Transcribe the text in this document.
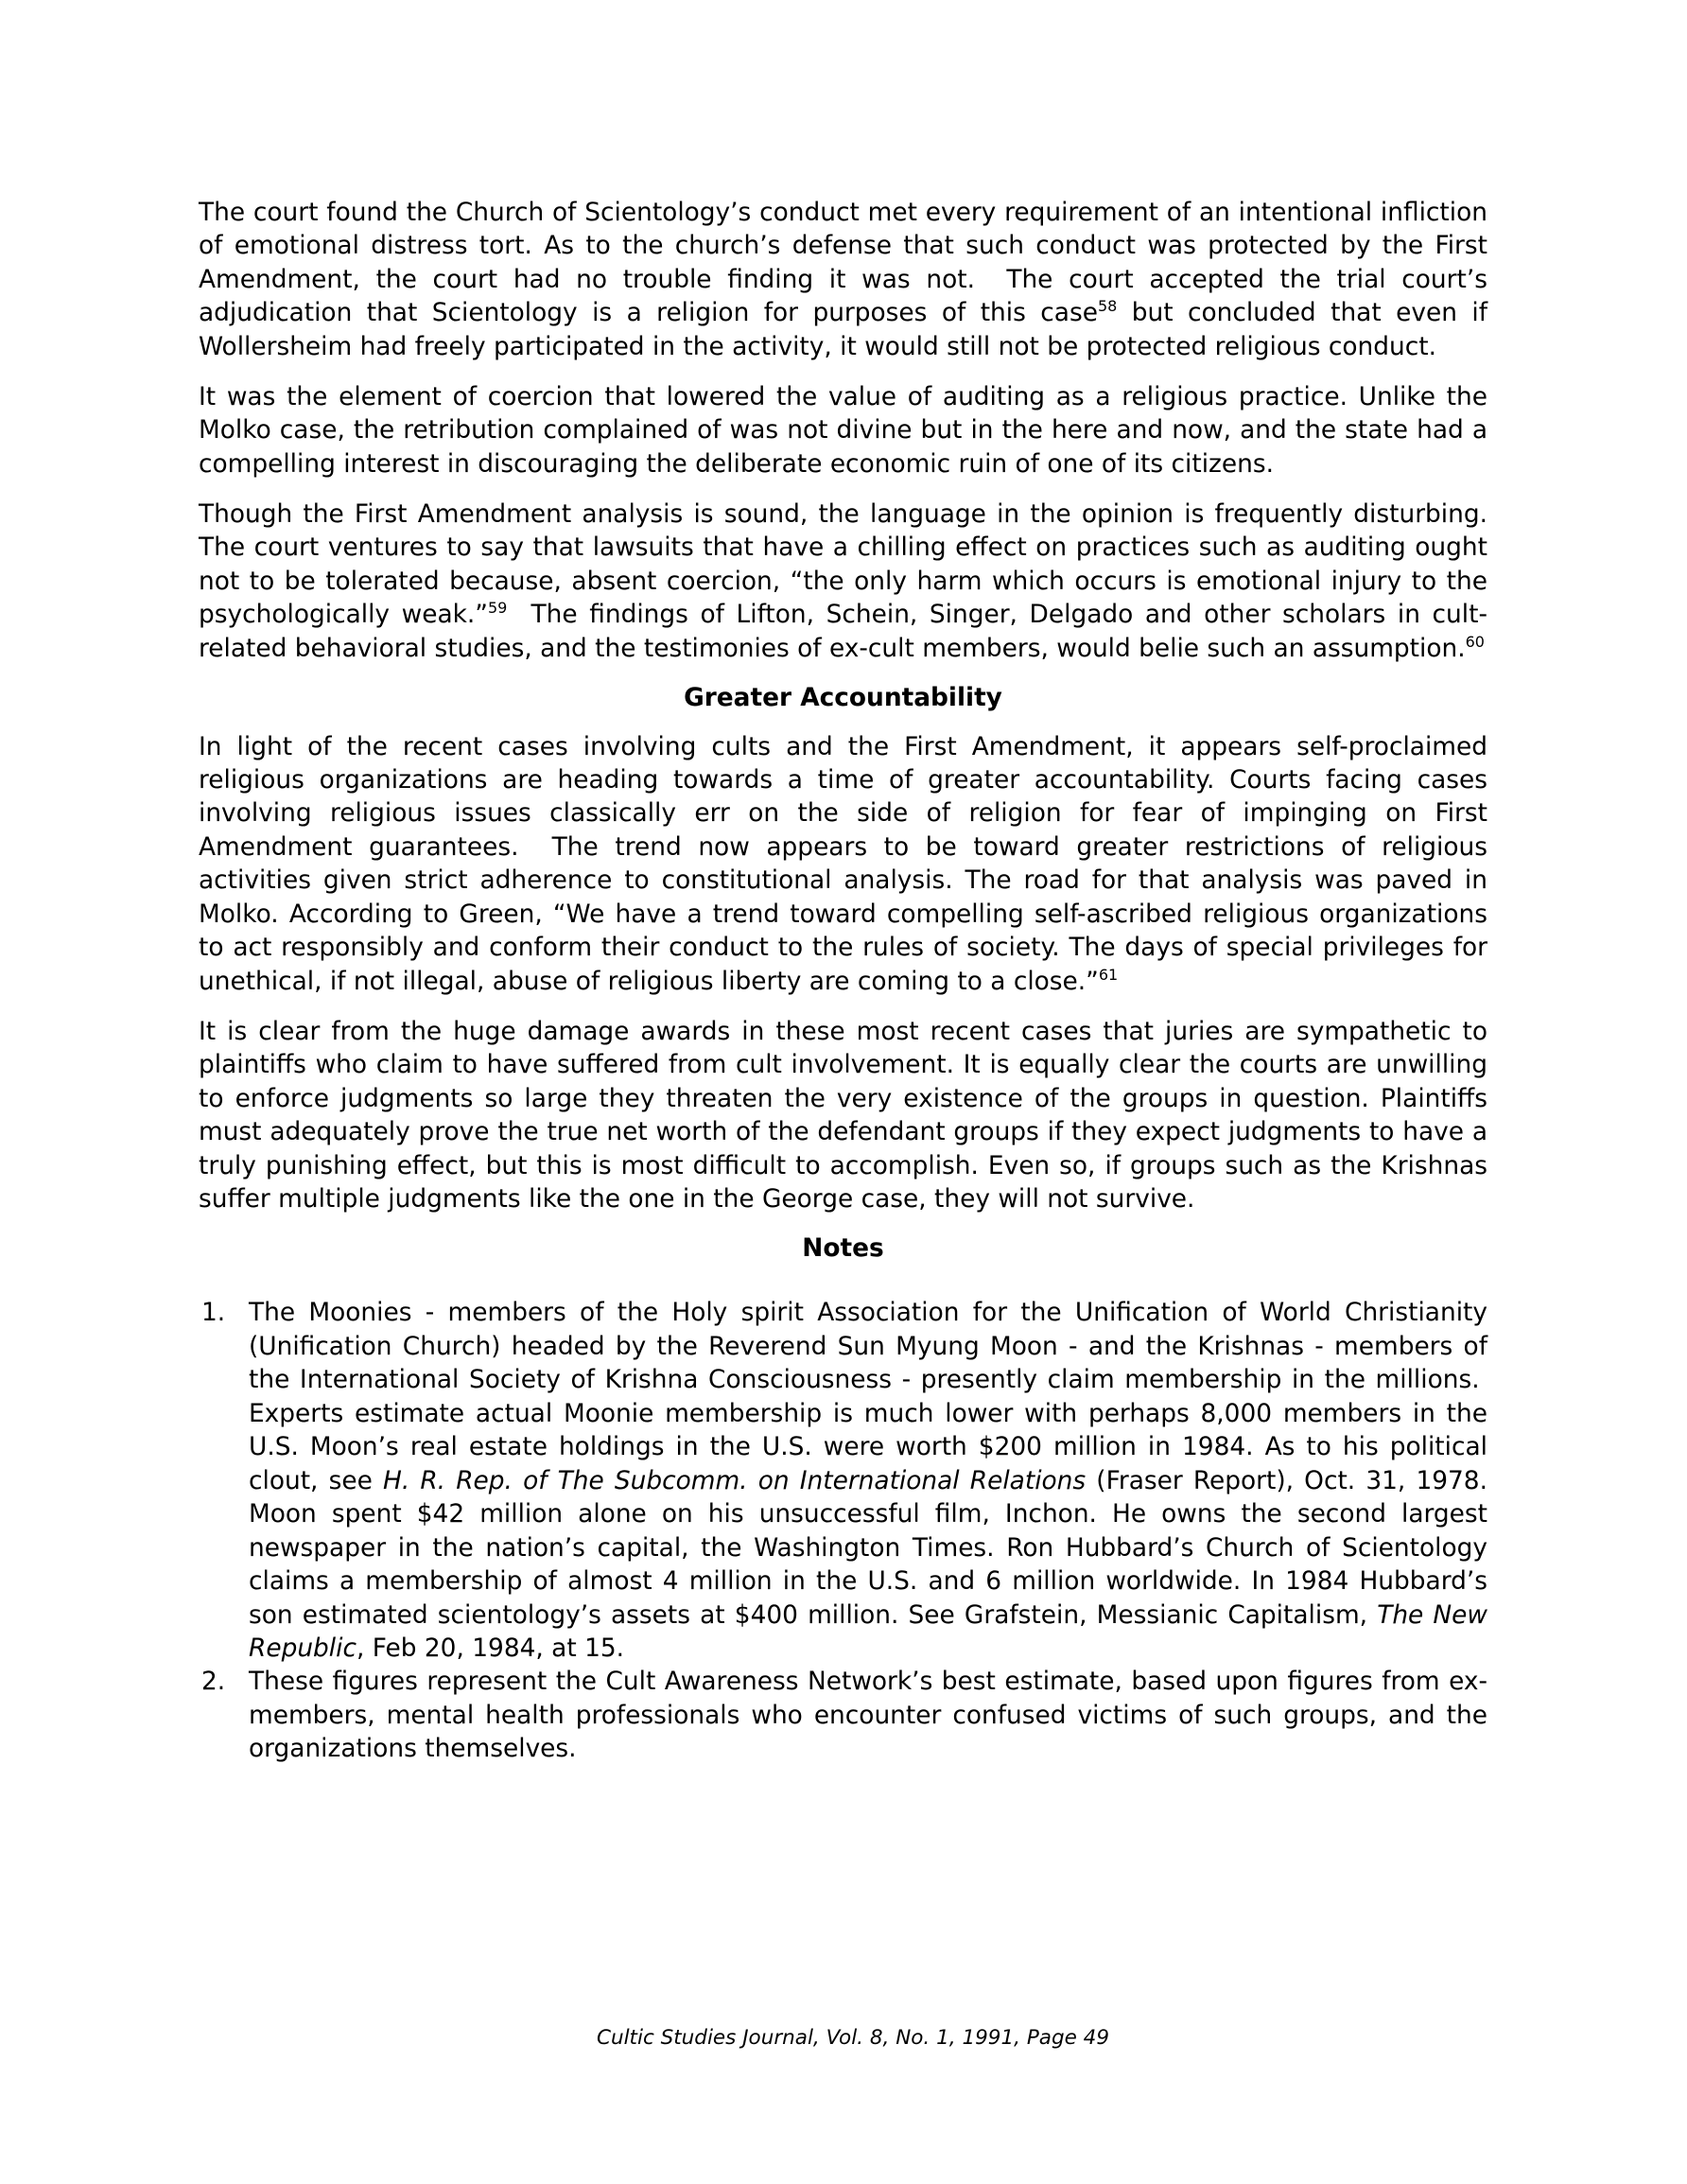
The court found the Church of Scientology’s conduct met every requirement of an intentional infliction of emotional distress tort. As to the church’s defense that such conduct was protected by the First Amendment, the court had no trouble finding it was not.  The court accepted the trial court’s adjudication that Scientology is a religion for purposes of this case$^{58}$ but concluded that even if Wollersheim had freely participated in the activity, it would still not be protected religious conduct.

It was the element of coercion that lowered the value of auditing as a religious practice. Unlike the Molko case, the retribution complained of was not divine but in the here and now, and the state had a compelling interest in discouraging the deliberate economic ruin of one of its citizens.

Though the First Amendment analysis is sound, the language in the opinion is frequently disturbing. The court ventures to say that lawsuits that have a chilling effect on practices such as auditing ought not to be tolerated because, absent coercion, “the only harm which occurs is emotional injury to the psychologically weak.”$^{59}$  The findings of Lifton, Schein, Singer, Delgado and other scholars in cult-related behavioral studies, and the testimonies of ex-cult members, would belie such an assumption.$^{60}$

Greater Accountability

In light of the recent cases involving cults and the First Amendment, it appears self-proclaimed religious organizations are heading towards a time of greater accountability. Courts facing cases involving religious issues classically err on the side of religion for fear of impinging on First Amendment guarantees.  The trend now appears to be toward greater restrictions of religious activities given strict adherence to constitutional analysis. The road for that analysis was paved in Molko. According to Green, “We have a trend toward compelling self-ascribed religious organizations to act responsibly and conform their conduct to the rules of society. The days of special privileges for unethical, if not illegal, abuse of religious liberty are coming to a close.”$^{61}$

It is clear from the huge damage awards in these most recent cases that juries are sympathetic to plaintiffs who claim to have suffered from cult involvement. It is equally clear the courts are unwilling to enforce judgments so large they threaten the very existence of the groups in question. Plaintiffs must adequately prove the true net worth of the defendant groups if they expect judgments to have a truly punishing effect, but this is most difficult to accomplish. Even so, if groups such as the Krishnas suffer multiple judgments like the one in the George case, they will not survive.

Notes
1. The Moonies - members of the Holy spirit Association for the Unification of World Christianity (Unification Church) headed by the Reverend Sun Myung Moon - and the Krishnas - members of the International Society of Krishna Consciousness - presently claim membership in the millions.  Experts estimate actual Moonie membership is much lower with perhaps 8,000 members in the U.S. Moon’s real estate holdings in the U.S. were worth $200 million in 1984. As to his political clout, see H. R. Rep. of The Subcomm. on International Relations (Fraser Report), Oct. 31, 1978. Moon spent $42 million alone on his unsuccessful film, Inchon. He owns the second largest newspaper in the nation’s capital, the Washington Times. Ron Hubbard’s Church of Scientology claims a membership of almost 4 million in the U.S. and 6 million worldwide. In 1984 Hubbard’s son estimated scientology’s assets at $400 million. See Grafstein, Messianic Capitalism, The New Republic, Feb 20, 1984, at 15.
2. These figures represent the Cult Awareness Network’s best estimate, based upon figures from ex-members, mental health professionals who encounter confused victims of such groups, and the organizations themselves.
Cultic Studies Journal, Vol. 8, No. 1, 1991, Page 49
